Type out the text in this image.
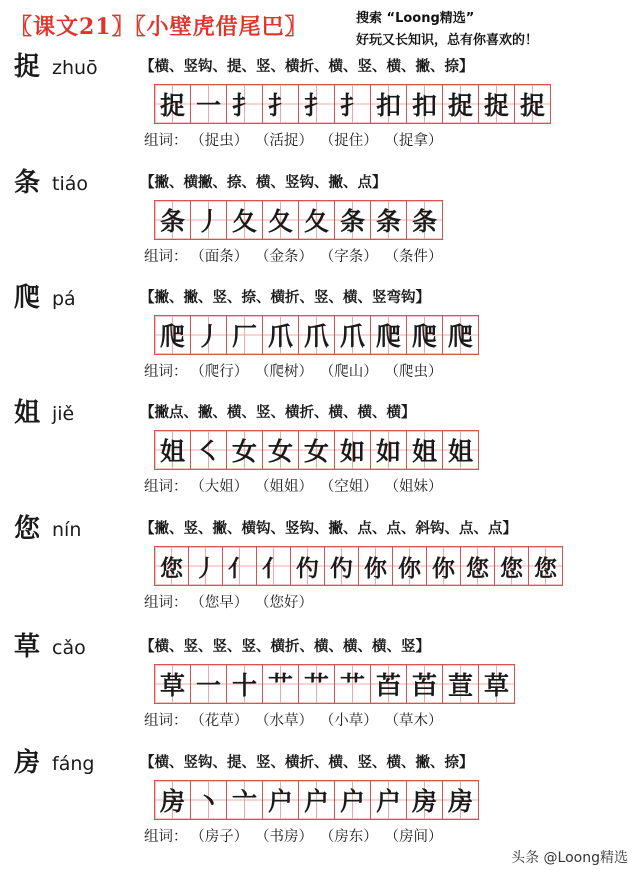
〖课文21〗〖小壁虎借尾巴〗	搜索 “Loong精选”
好玩又长知识，总有你喜欢的！
捉 zhuō	【横、竖钩、提、竖、横折、横、竖、横、撇、捺】
捉 一 扌 扌 扌 扌 扣 扣 捉 捉 捉
组词： （捉虫） （活捉） （捉住） （捉拿）
条 tiáo	【撇、横撇、捺、横、竖钩、撇、点】
条 丿 夂 夂 夂 条 条 条
组词： （面条） （金条） （字条） （条件）
爬 pá	【撇、撇、竖、捺、横折、竖、横、竖弯钩】
爬 丿 厂 爪 爪 爪 爬 爬 爬
组词： （爬行） （爬树） （爬山） （爬虫）
姐 jiě	【撇点、撇、横、竖、横折、横、横、横】
姐 ㇛ 女 女 女 如 如 姐 姐
组词： （大姐） （姐姐） （空姐） （姐妹）
您 nín	【撇、竖、撇、横钩、竖钩、撇、点、点、斜钩、点、点】
您 丿 亻 亻 仢 仢 你 你 你 您 您 您
组词： （您早） （您好）
草 cǎo	【横、竖、竖、竖、横折、横、横、横、竖】
草 一 十 艹 艹 艹 苩 苩 荁 草
组词： （花草） （水草） （小草） （草木）
房 fáng	【横、竖钩、提、竖、横折、横、竖、横、撇、捺】
房 丶 亠 户 户 户 户 房 房
组词： （房子） （书房） （房东） （房间）
头条 @Loong精选
